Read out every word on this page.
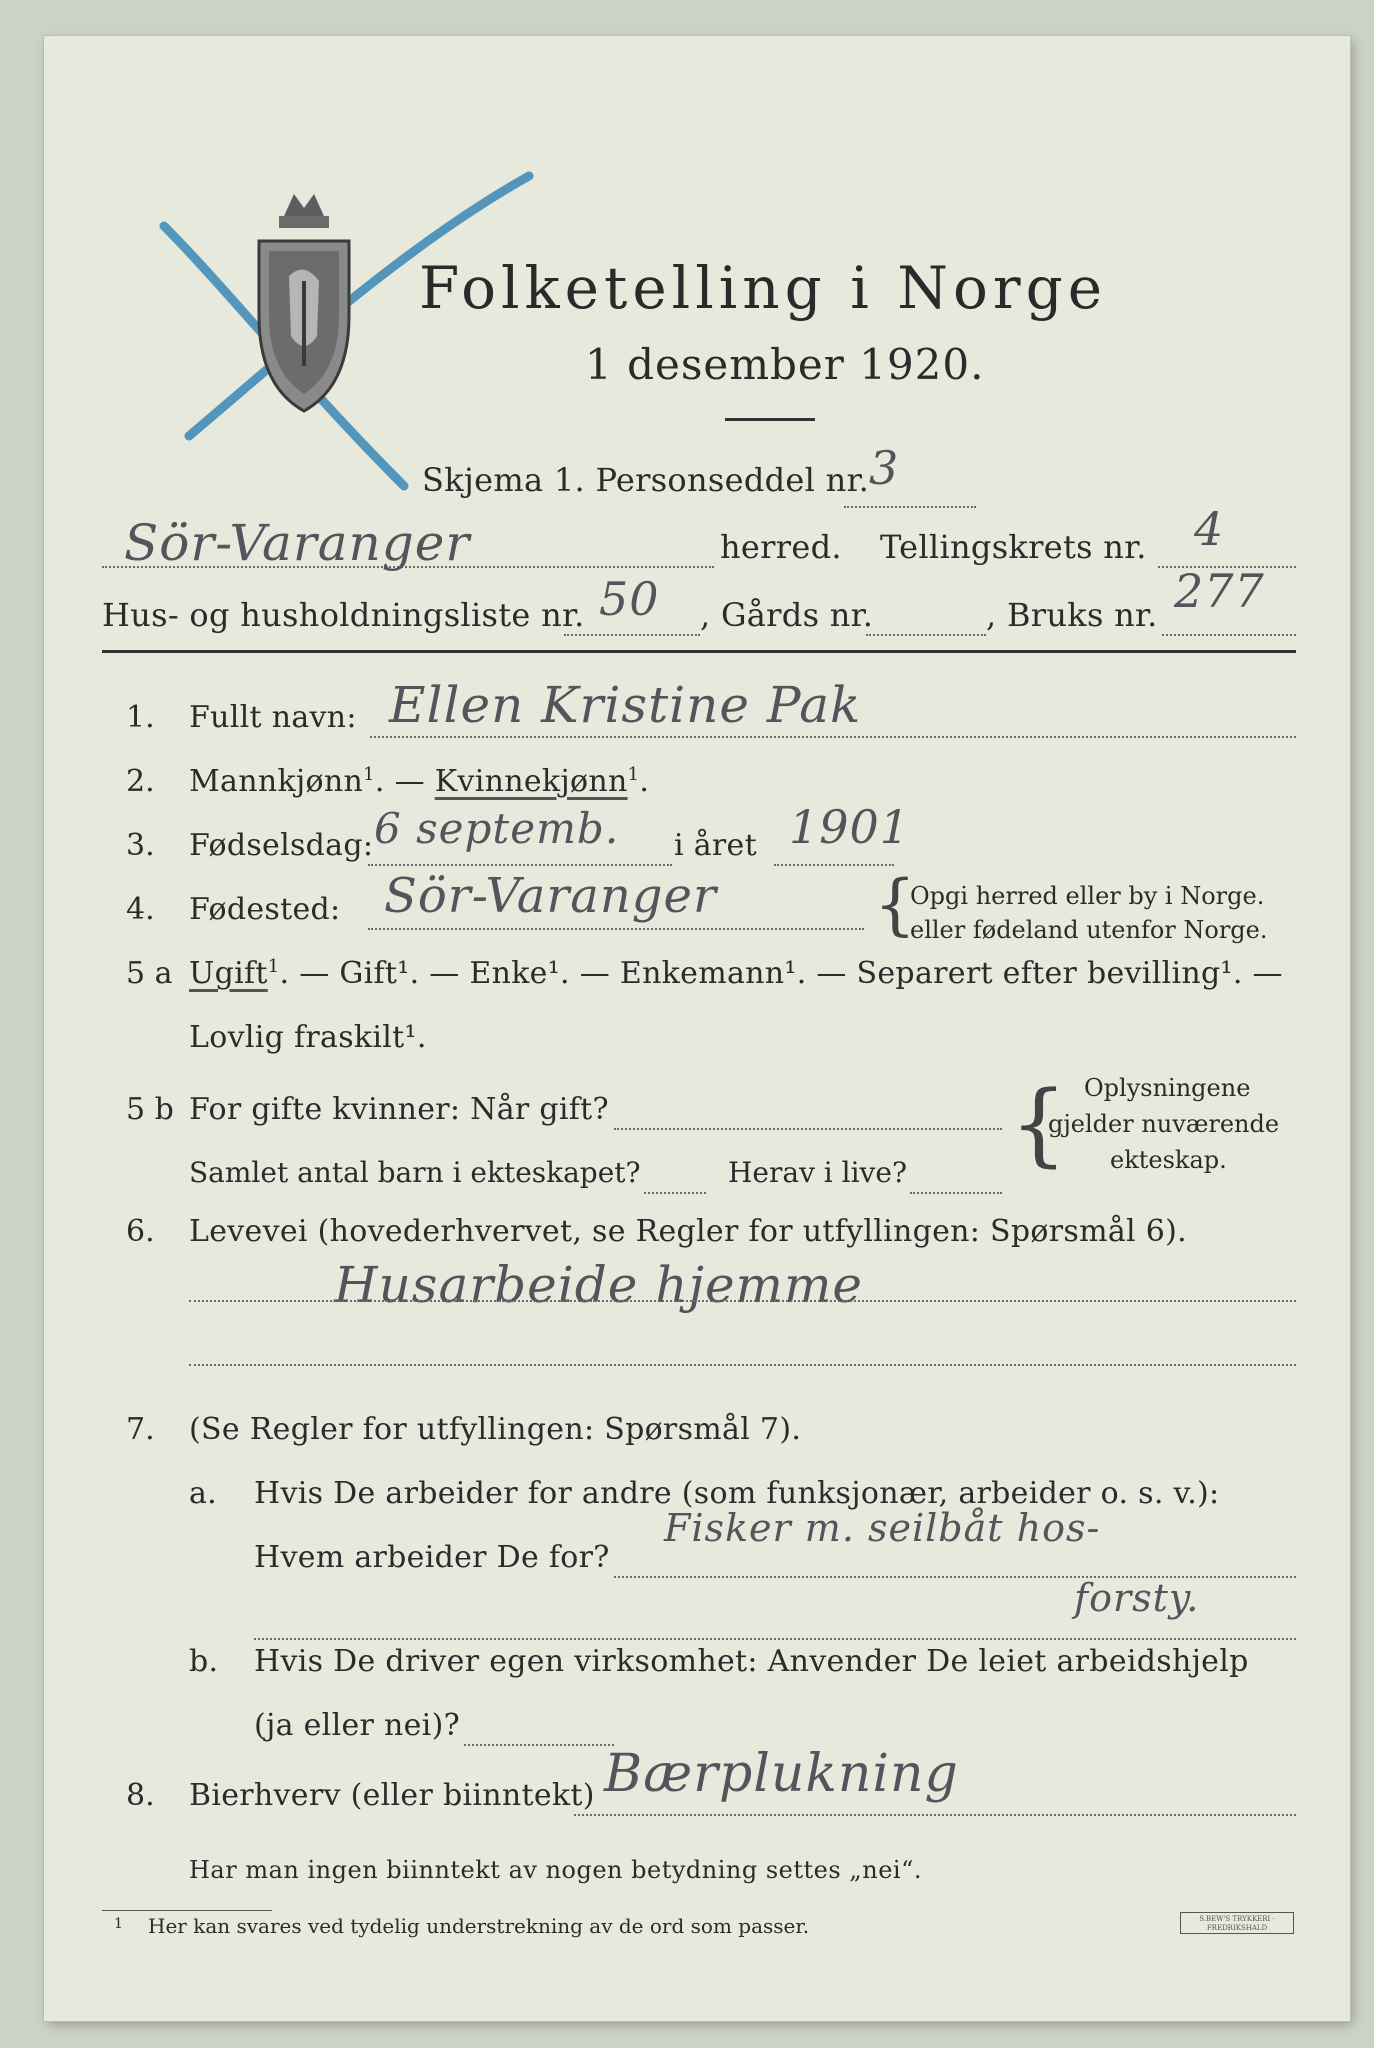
Folketelling i Norge
1 desember 1920.
Skjema 1. Personseddel nr. 3
Sör-Varanger	herred. Tellingskrets nr. 4
Hus- og husholdningsliste nr. 50 , Gårds nr.	, Bruks nr. 277
1. Fullt navn: Ellen Kristine Pak
2. Mannkjønn$^1$. — Kvinnekjønn$^1$.
3. Fødselsdag: 6 septemb. i året 1901
4. Fødested: Sör-Varanger {
Opgi herred eller by i Norge.
eller fødeland utenfor Norge.
5 a Ugift$^1$. — Gift¹. — Enke¹. — Enkemann¹. — Separert efter bevilling¹. —
Lovlig fraskilt¹.
5 b For gifte kvinner: Når gift?
Samlet antal barn i ekteskapet?	Herav i live? { Oplysningene
gjelder nuværende
ekteskap.
6. Levevei (hovederhvervet, se Regler for utfyllingen: Spørsmål 6).
Husarbeide hjemme
7. (Se Regler for utfyllingen: Spørsmål 7).
a. Hvis De arbeider for andre (som funksjonær, arbeider o. s. v.):
Hvem arbeider De for?
Fisker m. seilbåt hos-
forsty.
b. Hvis De driver egen virksomhet: Anvender De leiet arbeidshjelp
(ja eller nei)?
8. Bierhverv (eller biinntekt) Bærplukning
Har man ingen biinntekt av nogen betydning settes „nei“.
1 Her kan svares ved tydelig understrekning av de ord som passer.	S.BEW'S TRYKKERI · FREDRIKSHALD
